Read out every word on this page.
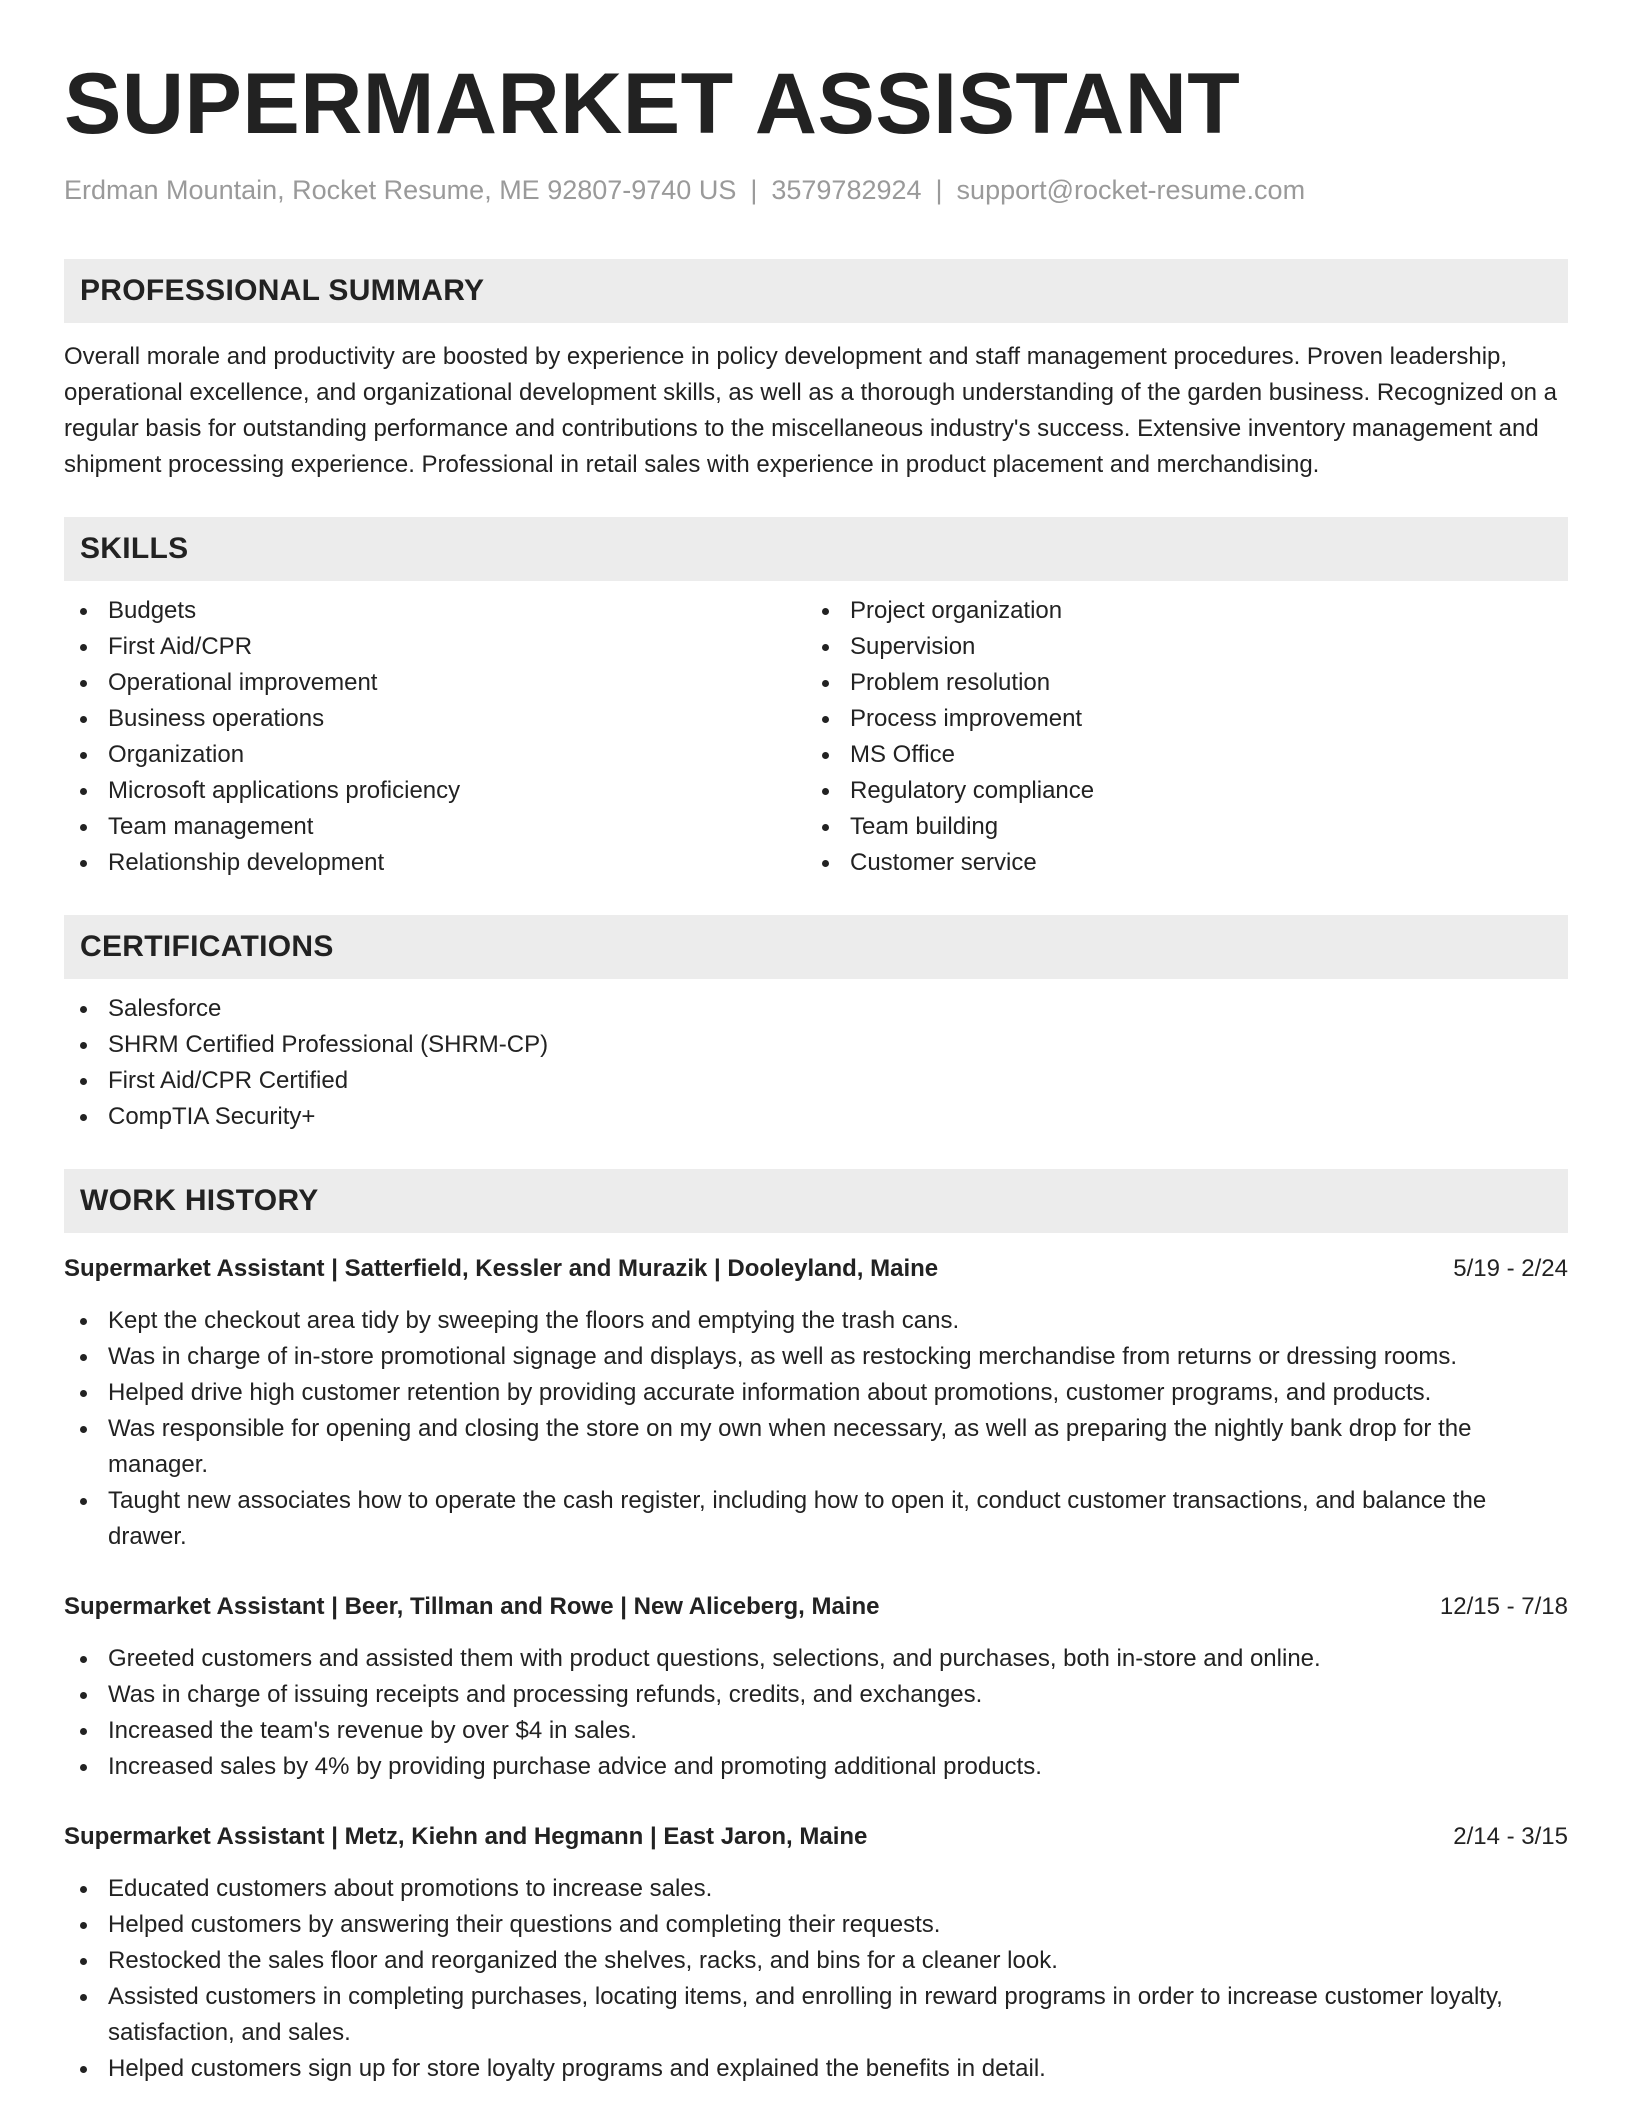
SUPERMARKET ASSISTANT
Erdman Mountain, Rocket Resume, ME 92807-9740 US | 3579782924 | support@rocket-resume.com
PROFESSIONAL SUMMARY
Overall morale and productivity are boosted by experience in policy development and staff management procedures. Proven leadership, operational excellence, and organizational development skills, as well as a thorough understanding of the garden business. Recognized on a regular basis for outstanding performance and contributions to the miscellaneous industry's success. Extensive inventory management and shipment processing experience. Professional in retail sales with experience in product placement and merchandising.
SKILLS
Budgets
First Aid/CPR
Operational improvement
Business operations
Organization
Microsoft applications proficiency
Team management
Relationship development
Project organization
Supervision
Problem resolution
Process improvement
MS Office
Regulatory compliance
Team building
Customer service
CERTIFICATIONS
Salesforce
SHRM Certified Professional (SHRM-CP)
First Aid/CPR Certified
CompTIA Security+
WORK HISTORY
Supermarket Assistant | Satterfield, Kessler and Murazik | Dooleyland, Maine	5/19 - 2/24
Kept the checkout area tidy by sweeping the floors and emptying the trash cans.
Was in charge of in-store promotional signage and displays, as well as restocking merchandise from returns or dressing rooms.
Helped drive high customer retention by providing accurate information about promotions, customer programs, and products.
Was responsible for opening and closing the store on my own when necessary, as well as preparing the nightly bank drop for the manager.
Taught new associates how to operate the cash register, including how to open it, conduct customer transactions, and balance the drawer.
Supermarket Assistant | Beer, Tillman and Rowe | New Aliceberg, Maine	12/15 - 7/18
Greeted customers and assisted them with product questions, selections, and purchases, both in-store and online.
Was in charge of issuing receipts and processing refunds, credits, and exchanges.
Increased the team's revenue by over $4 in sales.
Increased sales by 4% by providing purchase advice and promoting additional products.
Supermarket Assistant | Metz, Kiehn and Hegmann | East Jaron, Maine	2/14 - 3/15
Educated customers about promotions to increase sales.
Helped customers by answering their questions and completing their requests.
Restocked the sales floor and reorganized the shelves, racks, and bins for a cleaner look.
Assisted customers in completing purchases, locating items, and enrolling in reward programs in order to increase customer loyalty, satisfaction, and sales.
Helped customers sign up for store loyalty programs and explained the benefits in detail.
